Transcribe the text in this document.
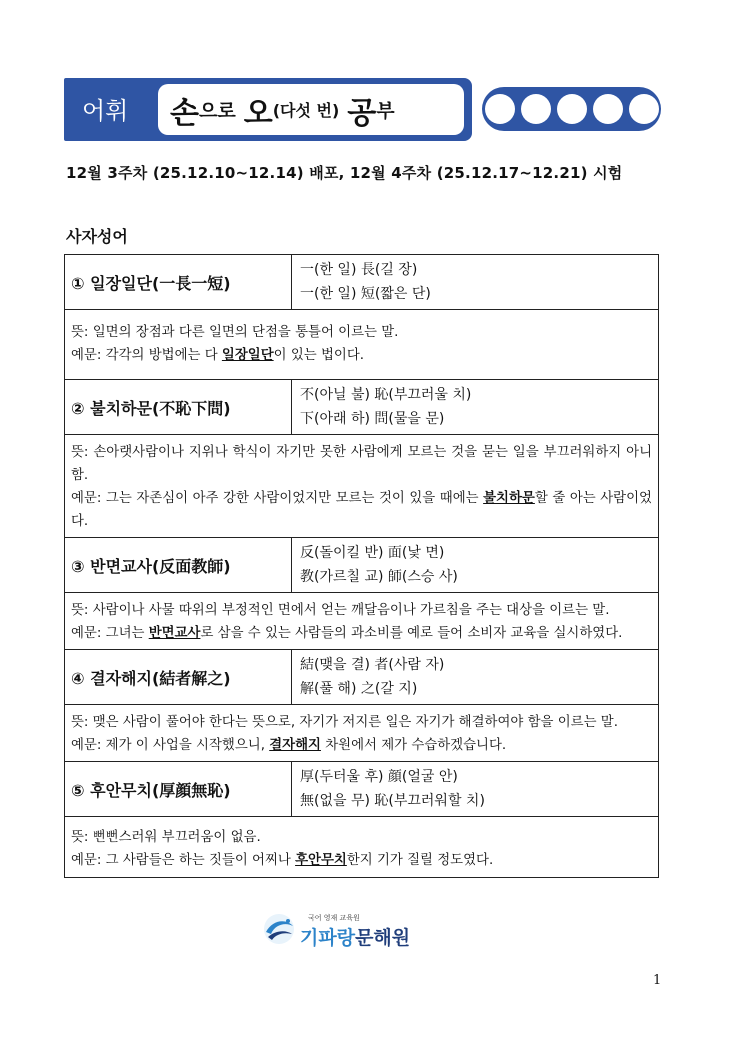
어휘 손 으로 오 (다섯 번) 공 부
12월 3주차 (25.12.10~12.14) 배포, 12월 4주차 (25.12.17~12.21) 시험
사자성어
① 일장일단(一長一短)
一(한 일) 長(길 장)
一(한 일) 短(짧은 단)
뜻: 일면의 장점과 다른 일면의 단점을 통틀어 이르는 말.
예문: 각각의 방법에는 다 일장일단이 있는 법이다.
② 불치하문(不恥下問)
不(아닐 불) 恥(부끄러울 치)
下(아래 하) 問(물을 문)
뜻: 손아랫사람이나 지위나 학식이 자기만 못한 사람에게 모르는 것을 묻는 일을 부끄러워하지 아니함.
예문: 그는 자존심이 아주 강한 사람이었지만 모르는 것이 있을 때에는 불치하문할 줄 아는 사람이었다.
③ 반면교사(反面教師)
反(돌이킬 반) 面(낯 면)
教(가르칠 교) 師(스승 사)
뜻: 사람이나 사물 따위의 부정적인 면에서 얻는 깨달음이나 가르침을 주는 대상을 이르는 말.
예문: 그녀는 반면교사로 삼을 수 있는 사람들의 과소비를 예로 들어 소비자 교육을 실시하였다.
④ 결자해지(結者解之)
結(맺을 결) 者(사람 자)
解(풀 해) 之(갈 지)
뜻: 맺은 사람이 풀어야 한다는 뜻으로, 자기가 저지른 일은 자기가 해결하여야 함을 이르는 말.
예문: 제가 이 사업을 시작했으니, 결자해지 차원에서 제가 수습하겠습니다.
⑤ 후안무치(厚顔無恥)
厚(두터울 후) 顔(얼굴 안)
無(없을 무) 恥(부끄러워할 치)
뜻: 뻔뻔스러워 부끄러움이 없음.
예문: 그 사람들은 하는 짓들이 어찌나 후안무치한지 기가 질릴 정도였다.
국어 영재 교육원
기파랑문해원
1
